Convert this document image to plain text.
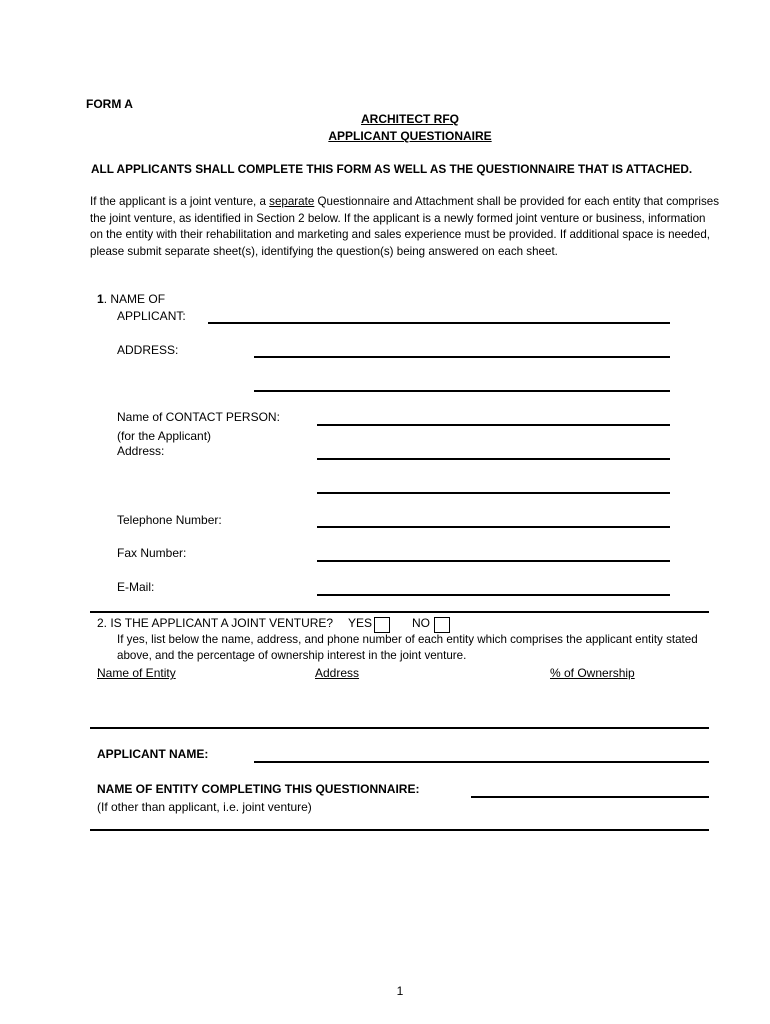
FORM A
ARCHITECT RFQ
APPLICANT QUESTIONAIRE
ALL APPLICANTS SHALL COMPLETE THIS FORM AS WELL AS THE QUESTIONNAIRE THAT IS ATTACHED.
If the applicant is a joint venture, a separate Questionnaire and Attachment shall be provided for each entity that comprises the joint venture, as identified in Section 2 below. If the applicant is a newly formed joint venture or business, information on the entity with their rehabilitation and marketing and sales experience must be provided. If additional space is needed, please submit separate sheet(s), identifying the question(s) being answered on each sheet.
1. NAME OF
APPLICANT:
ADDRESS:
Name of CONTACT PERSON:
(for the Applicant)
Address:
Telephone Number:
Fax Number:
E-Mail:
2. IS THE APPLICANT A JOINT VENTURE? YES	NO
If yes, list below the name, address, and phone number of each entity which comprises the applicant entity stated
above, and the percentage of ownership interest in the joint venture.
Name of Entity	Address	% of Ownership
APPLICANT NAME:
NAME OF ENTITY COMPLETING THIS QUESTIONNAIRE:
(If other than applicant, i.e. joint venture)
1
